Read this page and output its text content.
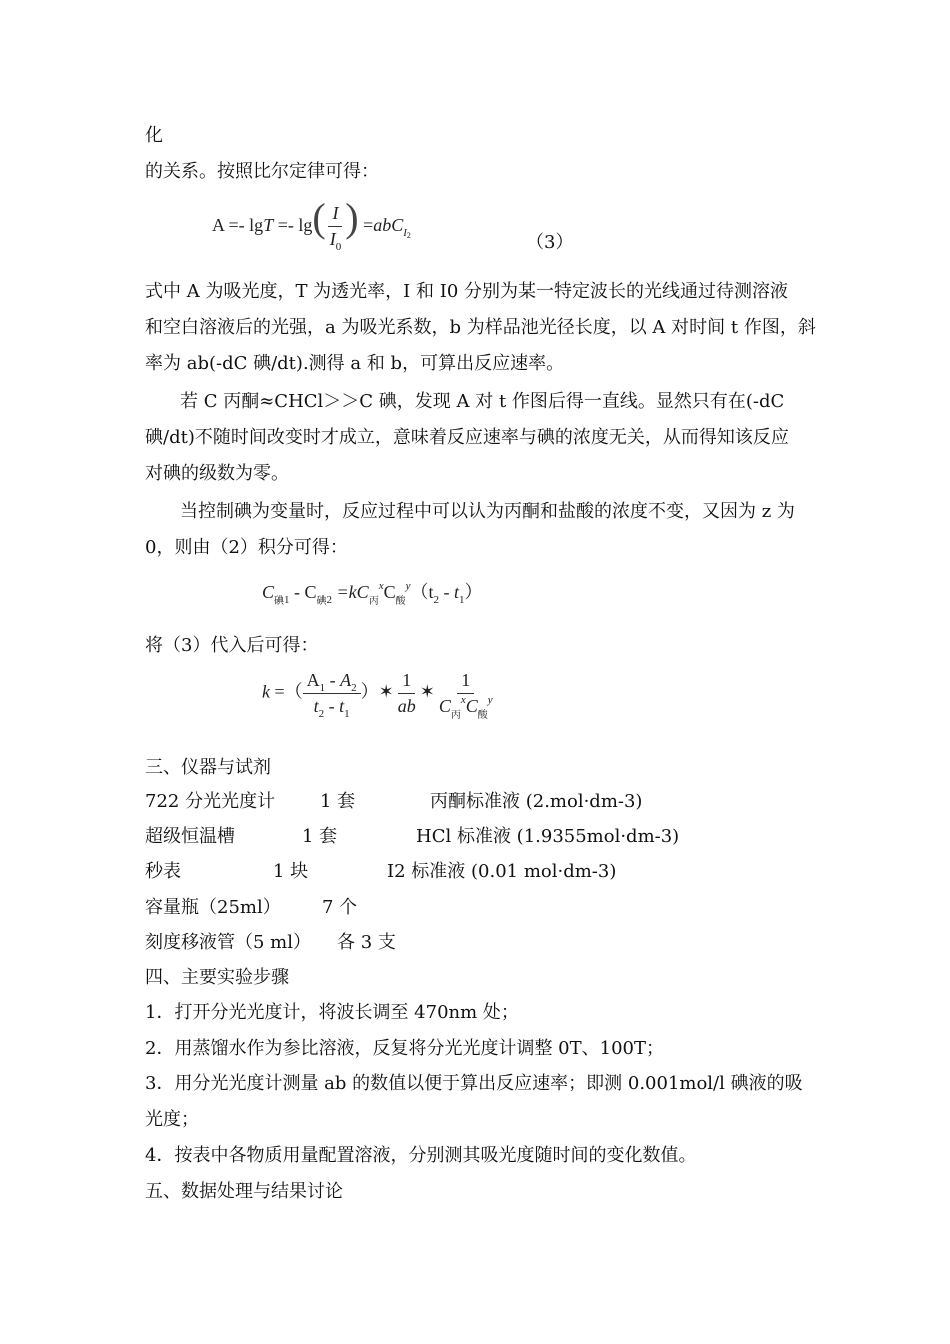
化
的关系。按照比尔定律可得：
$A =- \lg T =- \lg( \frac{I}{I_0}$ ) =abC$_{I2}$	（3）
式中 A 为吸光度，T 为透光率，I 和 I0 分别为某一特定波长的光线通过待测溶液
和空白溶液后的光强，a 为吸光系数，b 为样品池光径长度，以 A 对时间 t 作图，斜
率为 ab(-dC 碘/dt).测得 a 和 b，可算出反应速率。
若 C 丙酮≈CHCl＞＞C 碘，发现 A 对 t 作图后得一直线。显然只有在(-dC
碘/dt)不随时间改变时才成立，意味着反应速率与碘的浓度无关，从而得知该反应
对碘的级数为零。
当控制碘为变量时，反应过程中可以认为丙酮和盐酸的浓度不变，又因为 z 为
0，则由（2）积分可得：
$C_{碘1} - C_{碘2} =kC_丙^xC_酸^y(t_2 - t_1)$
将（3）代入后可得：
k =（ $\frac{A_1 - A_2}{t_2 - t_1}$ ）✶ $\frac{1}{ab}$ ✶ $\frac{1}{C_丙^xC_酸^y}$
三、仪器与试剂
722 分光光度计 1 套	丙酮标准液 (2.mol·dm-3)
超级恒温槽	1 套	HCl 标准液 (1.9355mol·dm-3)
秒表	1 块	I2 标准液 (0.01 mol·dm-3)
容量瓶（25ml） 7 个
刻度移液管（5 ml） 各 3 支
四、主要实验步骤
1．打开分光光度计，将波长调至 470nm 处；
2．用蒸馏水作为参比溶液，反复将分光光度计调整 0T、100T；
3．用分光光度计测量 ab 的数值以便于算出反应速率；即测 0.001mol/l 碘液的吸
光度；
4．按表中各物质用量配置溶液，分别测其吸光度随时间的变化数值。
五、数据处理与结果讨论
